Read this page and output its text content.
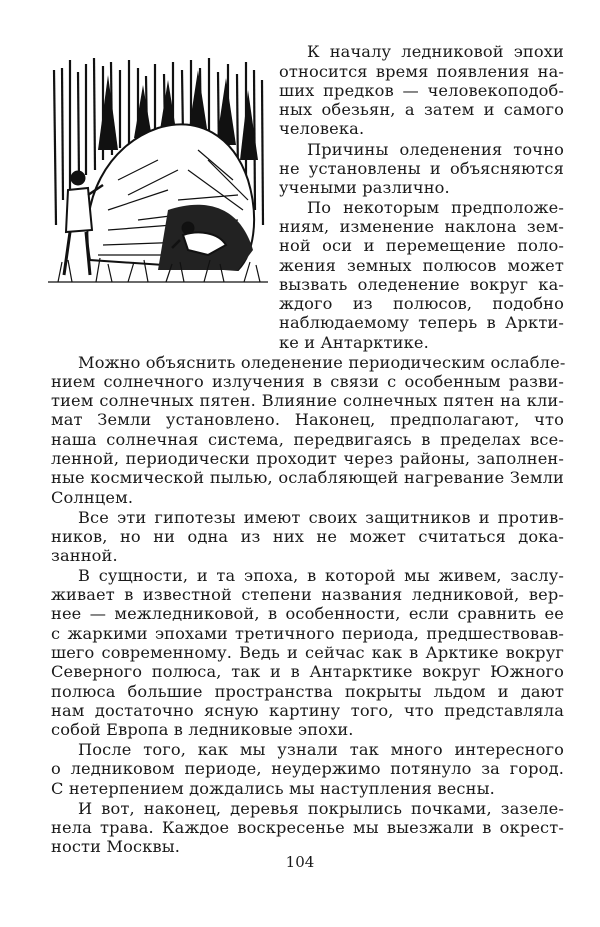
К началу ледниковой эпохи
относится время появления на-
ших предков — человекоподоб-
ных обезьян, а затем и самого
человека.
Причины оледенения точно
не установлены и объясняются
учеными различно.
По некоторым предположе-
ниям, изменение наклона зем-
ной оси и перемещение поло-
жения земных полюсов может
вызвать оледенение вокруг ка-
ждого из полюсов, подобно
наблюдаемому теперь в Аркти-
ке и Антарктике.
Можно объяснить оледенение периодическим ослабле-
нием солнечного излучения в связи с особенным разви-
тием солнечных пятен. Влияние солнечных пятен на кли-
мат Земли установлено. Наконец, предполагают, что
наша солнечная система, передвигаясь в пределах все-
ленной, периодически проходит через районы, заполнен-
ные космической пылью, ослабляющей нагревание Земли
Солнцем.
Все эти гипотезы имеют своих защитников и против-
ников, но ни одна из них не может считаться дока-
занной.
В сущности, и та эпоха, в которой мы живем, заслу-
живает в известной степени названия ледниковой, вер-
нее — межледниковой, в особенности, если сравнить ее
с жаркими эпохами третичного периода, предшествовав-
шего современному. Ведь и сейчас как в Арктике вокруг
Северного полюса, так и в Антарктике вокруг Южного
полюса большие пространства покрыты льдом и дают
нам достаточно ясную картину того, что представляла
собой Европа в ледниковые эпохи.
После того, как мы узнали так много интересного
о ледниковом периоде, неудержимо потянуло за город.
С нетерпением дождались мы наступления весны.
И вот, наконец, деревья покрылись почками, зазеле-
нела трава. Каждое воскресенье мы выезжали в окрест-
ности Москвы.
104
